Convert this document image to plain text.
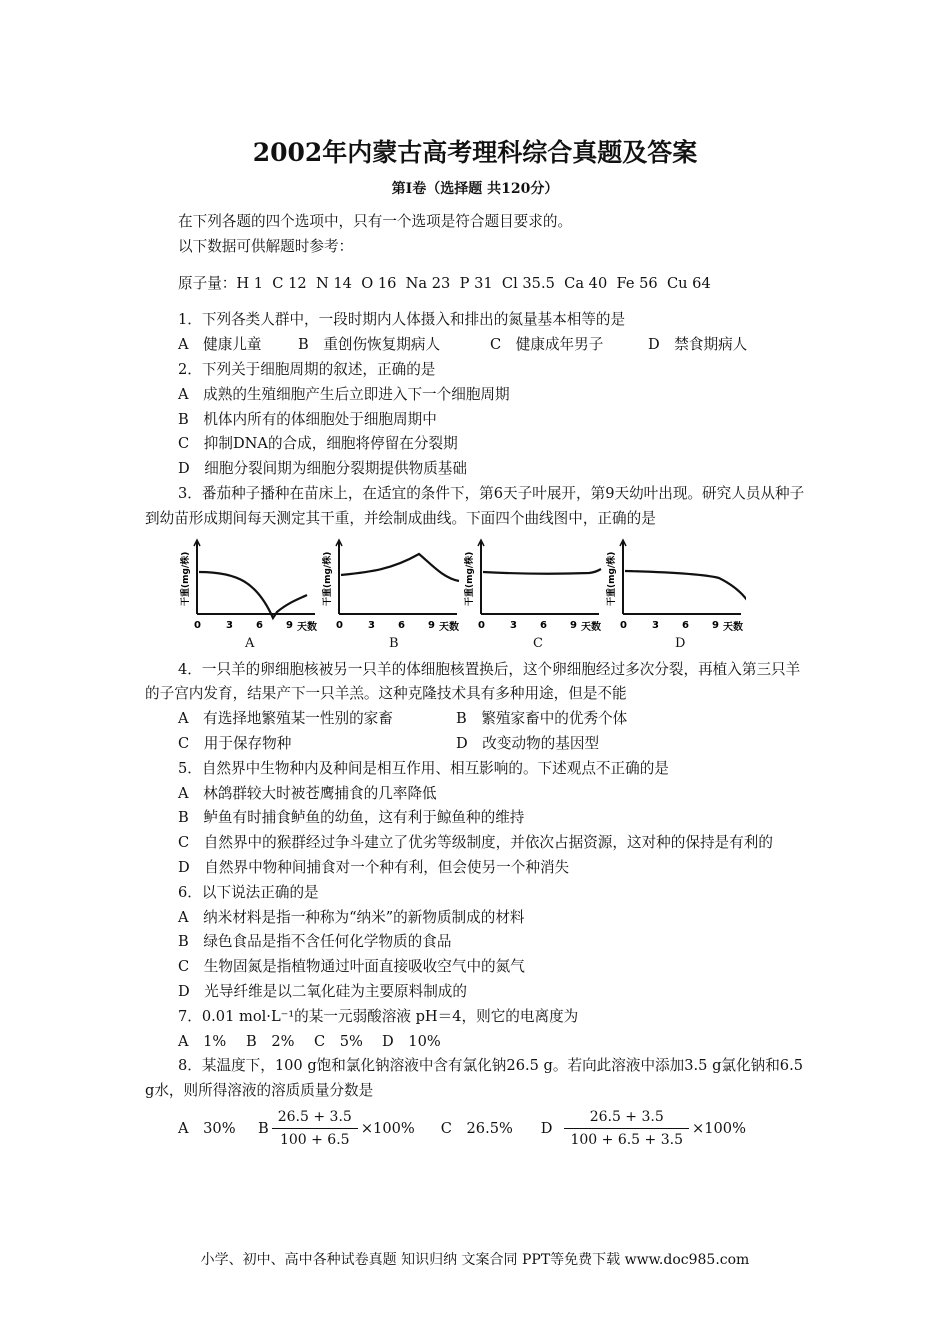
2002年内蒙古高考理科综合真题及答案
第I卷（选择题 共120分）

在下列各题的四个选项中，只有一个选项是符合题目要求的。

以下数据可供解题时参考：

原子量：H 1  C 12  N 14  O 16  Na 23  P 31  Cl 35.5  Ca 40  Fe 56  Cu 64

1．下列各类人群中，一段时期内人体摄入和排出的氮量基本相等的是

A　健康儿童 B　重创伤恢复期病人	C　健康成年男子	D　禁食期病人

2．下列关于细胞周期的叙述，正确的是

A　成熟的生殖细胞产生后立即进入下一个细胞周期

B　机体内所有的体细胞处于细胞周期中

C　抑制DNA的合成，细胞将停留在分裂期

D　细胞分裂间期为细胞分裂期提供物质基础

3．番茄种子播种在苗床上，在适宜的条件下，第6天子叶展开，第9天幼叶出现。研究人员从种子到幼苗形成期间每天测定其干重，并绘制成曲线。下面四个曲线图中，正确的是

0	3 6 9 天数
干重(mg/株)
A
0	3 6 9 天数
干重(mg/株)
B
0	3 6 9 天数
干重(mg/株)
C
0	3 6 9 天数
干重(mg/株)
D

4．一只羊的卵细胞核被另一只羊的体细胞核置换后，这个卵细胞经过多次分裂，再植入第三只羊的子宫内发育，结果产下一只羊羔。这种克隆技术具有多种用途，但是不能

A　有选择地繁殖某一性别的家畜	B　繁殖家畜中的优秀个体

C　用于保存物种	D　改变动物的基因型

5．自然界中生物种内及种间是相互作用、相互影响的。下述观点不正确的是

A　林鸽群较大时被苍鹰捕食的几率降低

B　鲈鱼有时捕食鲈鱼的幼鱼，这有利于鲸鱼种的维持

C　自然界中的猴群经过争斗建立了优劣等级制度，并依次占据资源，这对种的保持是有利的

D　自然界中物种间捕食对一个种有利，但会使另一个种消失

6．以下说法正确的是

A　纳米材料是指一种称为“纳米”的新物质制成的材料

B　绿色食品是指不含任何化学物质的食品

C　生物固氮是指植物通过叶面直接吸收空气中的氮气

D　光导纤维是以二氧化硅为主要原料制成的

7．0.01 mol·L⁻¹的某一元弱酸溶液 pH＝4，则它的电离度为

A　1% B　2% C　5% D　10%

8．某温度下，100 g饱和氯化钠溶液中含有氯化钠26.5 g。若向此溶液中添加3.5 g氯化钠和6.5 g水，则所得溶液的溶质质量分数是

A　30%	B $\frac{26.5 + 3.5}{100 + 6.5} \times 100\%$ C　26.5%	D $\frac{26.5 + 3.5}{100 + 6.5 + 3.5} \times 100\%$
小学、初中、高中各种试卷真题 知识归纳 文案合同 PPT等免费下载 www.doc985.com
